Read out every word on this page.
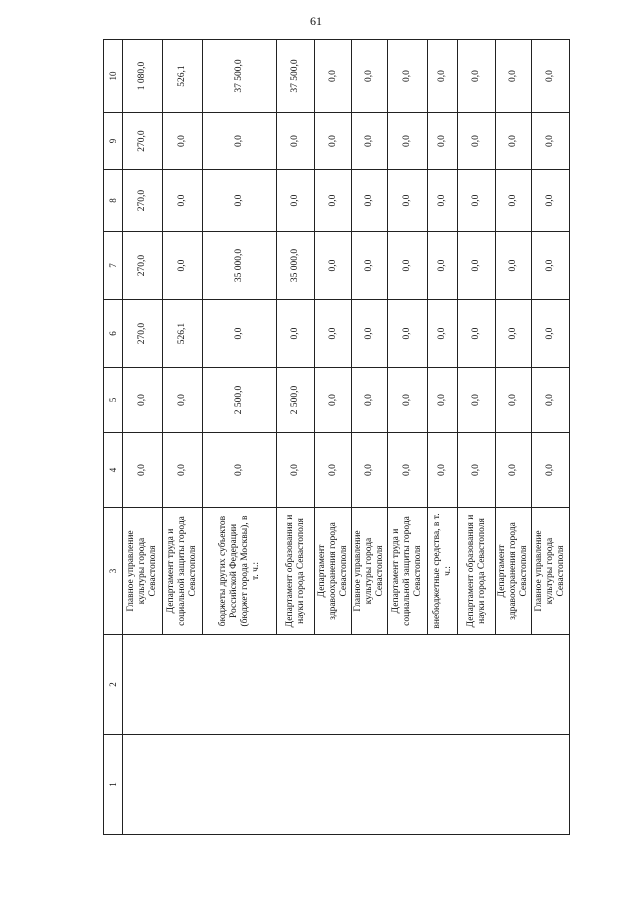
61
1	2	3	4	5	6	7	8	9	10
		Главное управление культуры города Севастополя	0,0	0,0	270,0	270,0	270,0	270,0	1 080,0
		Департамент труда и социальной защиты города Севастополя	0,0	0,0	526,1	0,0	0,0	0,0	526,1
		бюджеты других субъектов Российской Федерации (бюджет города Москвы), в т. ч.:	0,0	2 500,0	0,0	35 000,0	0,0	0,0	37 500,0
		Департамент образования и науки города Севастополя	0,0	2 500,0	0,0	35 000,0	0,0	0,0	37 500,0
		Департамент здравоохранения города Севастополя	0,0	0,0	0,0	0,0	0,0	0,0	0,0
		Главное управление культуры города Севастополя	0,0	0,0	0,0	0,0	0,0	0,0	0,0
		Департамент труда и социальной защиты города Севастополя	0,0	0,0	0,0	0,0	0,0	0,0	0,0
		внебюджетные средства, в т. ч.:	0,0	0,0	0,0	0,0	0,0	0,0	0,0
		Департамент образования и науки города Севастополя	0,0	0,0	0,0	0,0	0,0	0,0	0,0
		Департамент здравоохранения города Севастополя	0,0	0,0	0,0	0,0	0,0	0,0	0,0
		Главное управление культуры города Севастополя	0,0	0,0	0,0	0,0	0,0	0,0	0,0
